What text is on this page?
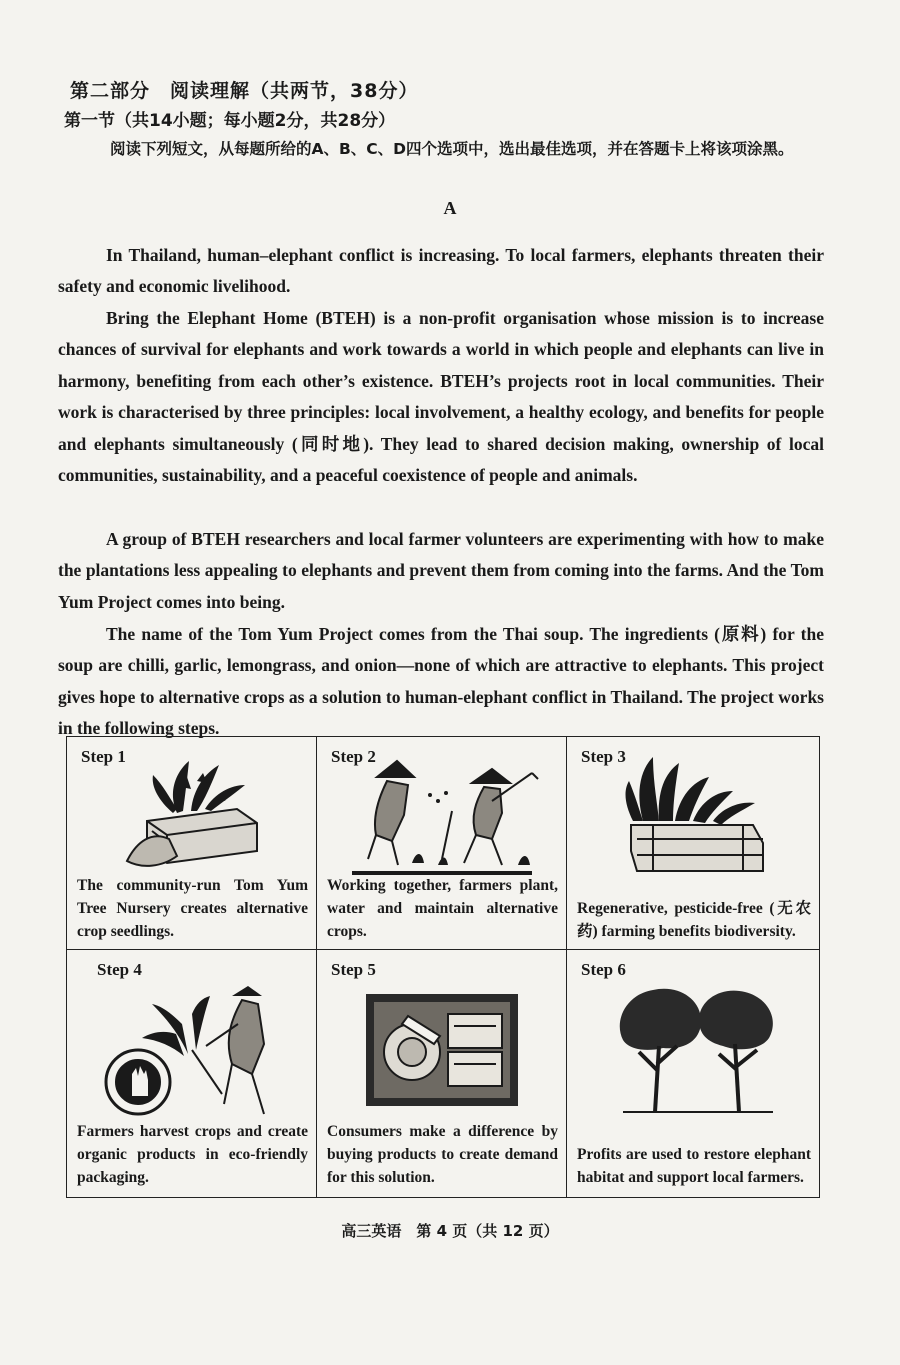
第二部分　阅读理解（共两节，38分）
第一节（共14小题；每小题2分，共28分）
阅读下列短文，从每题所给的A、B、C、D四个选项中，选出最佳选项，并在答题卡上将该项涂黑。
A

In Thailand, human–elephant conflict is increasing. To local farmers, elephants threaten their safety and economic livelihood.

Bring the Elephant Home (BTEH) is a non-profit organisation whose mission is to increase chances of survival for elephants and work towards a world in which people and elephants can live in harmony, benefiting from each other’s existence. BTEH’s projects root in local communities. Their work is characterised by three principles: local involvement, a healthy ecology, and benefits for people and elephants simultaneously (同时地). They lead to shared decision making, ownership of local communities, sustainability, and a peaceful coexistence of people and animals.

A group of BTEH researchers and local farmer volunteers are experimenting with how to make the plantations less appealing to elephants and prevent them from coming into the farms. And the Tom Yum Project comes into being.

The name of the Tom Yum Project comes from the Thai soup. The ingredients (原料) for the soup are chilli, garlic, lemongrass, and onion—none of which are attractive to elephants. This project gives hope to alternative crops as a solution to human-elephant conflict in Thailand. The project works in the following steps.

Step 1
The community-run Tom Yum Tree Nursery creates alternative crop seedlings.
Step 2
Working together, farmers plant, water and maintain alternative crops.
Step 3
Regenerative, pesticide-free (无农药) farming benefits biodiversity.
Step 4
Farmers harvest crops and create organic products in eco-friendly packaging.
Step 5
Consumers make a difference by buying products to create demand for this solution.
Step 6
Profits are used to restore elephant habitat and support local farmers.
高三英语　第 4 页（共 12 页）
